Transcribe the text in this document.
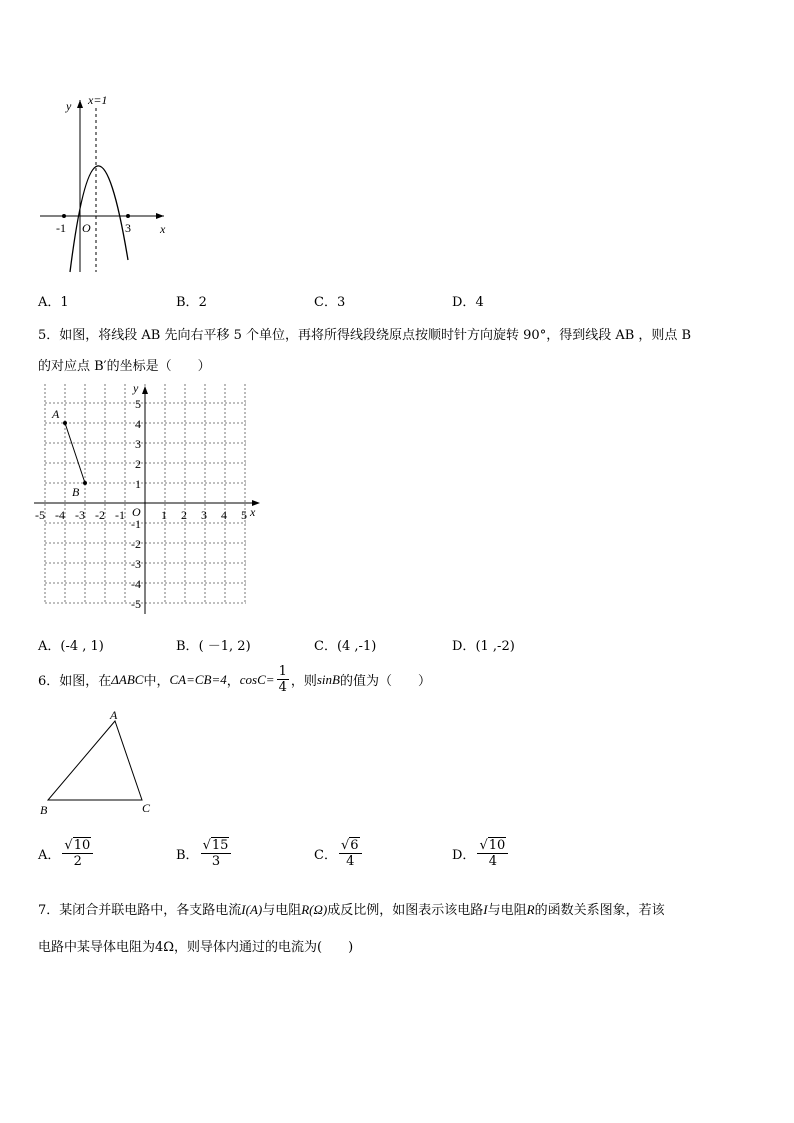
y x=1
x
O
-1	3
A．1	B．2	C．3	D．4
5．如图，将线段 AB 先向右平移 5 个单位，再将所得线段绕原点按顺时针方向旋转 90°，得到线段 AB ，则点 B
的对应点 B′的坐标是（　　）
-5 -4 -3 -2 -1	1 2 3 4 5
5
4
3
2
1
-1
-2
-3
-4
-5
A
B
y
x
O
A．(-4 , 1)	B．( －1, 2)	C．(4 ,-1)	D．(1 ,-2)
6．如图，在 ΔABC 中， CA=CB=4 ， $\cos C= \frac{1}{4}$ ，则 sinB 的值为（　　）
A
B	C
A． $\frac{√10}{2}$	B． $\frac{√15}{3}$	C． $\frac{√6}{4}$	D． $\frac{√10}{4}$
7．某闭合并联电路中，各支路电流I(A)与电阻R(Ω)成反比例，如图表示该电路I与电阻R的函数关系图象，若该
电路中某导体电阻为4Ω，则导体内通过的电流为(　　)
